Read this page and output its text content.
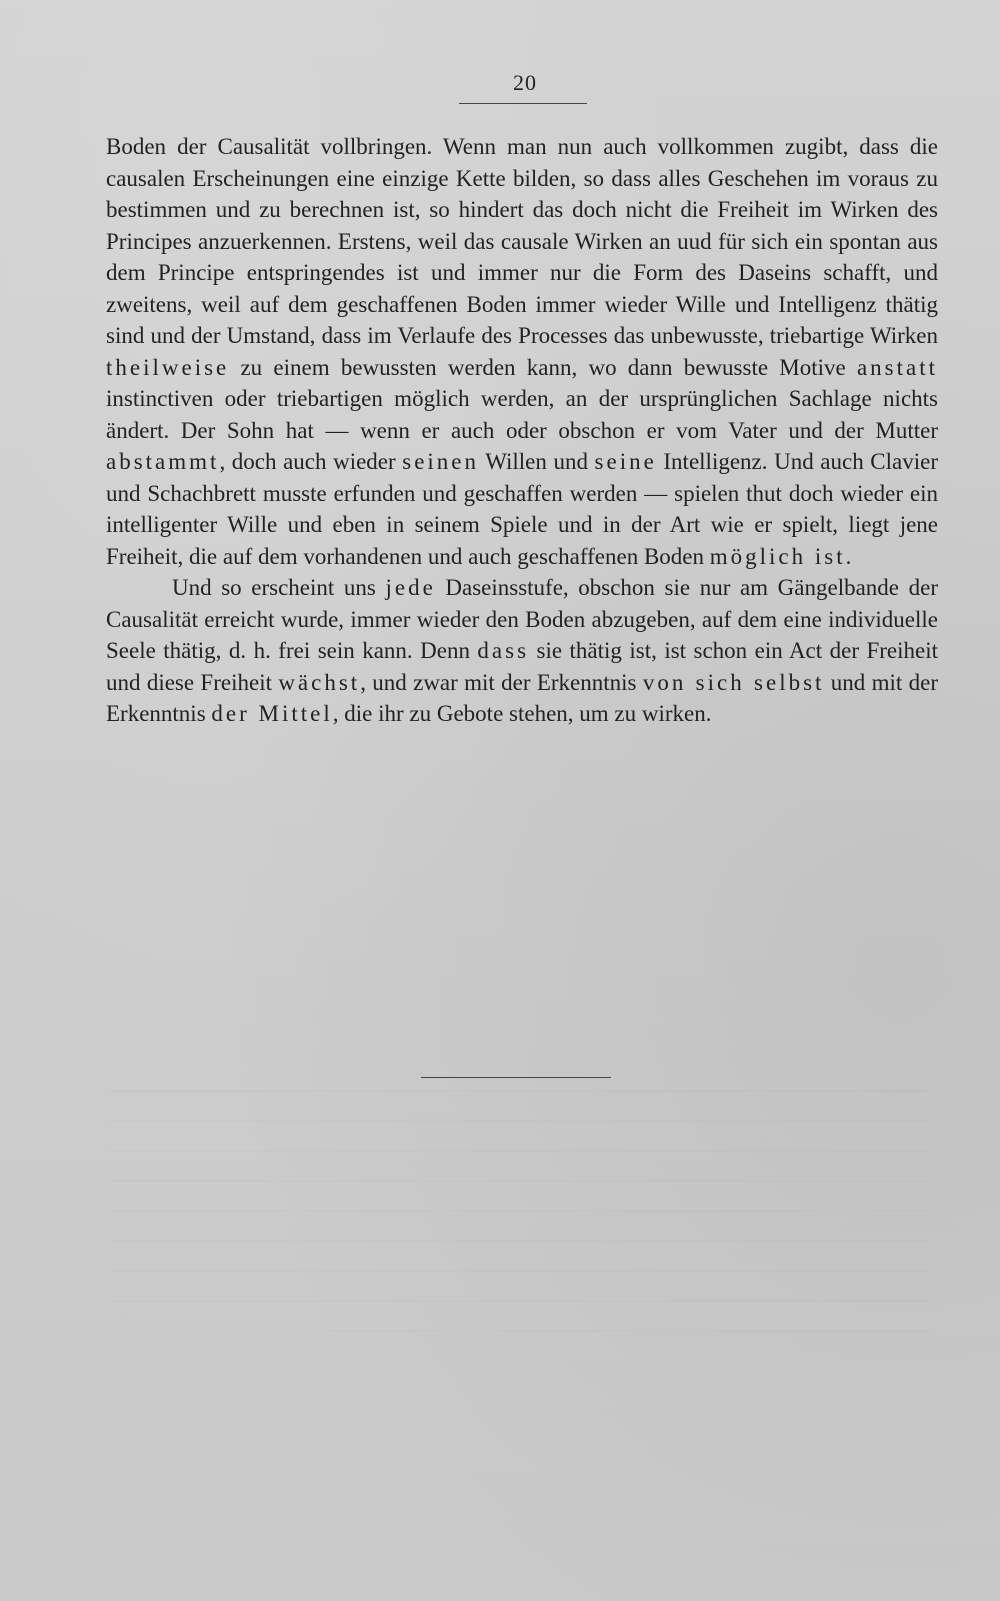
20

Boden der Causalität vollbringen. Wenn man nun auch vollkommen zugibt, dass die causalen Erscheinungen eine einzige Kette bilden, so dass alles Geschehen im voraus zu bestimmen und zu berechnen ist, so hindert das doch nicht die Freiheit im Wirken des Principes anzuerkennen. Erstens, weil das causale Wirken an uud für sich ein spontan aus dem Principe entspringendes ist und immer nur die Form des Daseins schafft, und zweitens, weil auf dem geschaffenen Boden immer wieder Wille und Intelligenz thätig sind und der Umstand, dass im Verlaufe des Processes das unbewusste, triebartige Wirken theilweise zu einem bewussten werden kann, wo dann bewusste Motive anstatt instinctiven oder triebartigen möglich werden, an der ursprünglichen Sachlage nichts ändert. Der Sohn hat — wenn er auch oder obschon er vom Vater und der Mutter abstammt, doch auch wieder seinen Willen und seine Intelligenz. Und auch Clavier und Schachbrett musste erfunden und geschaffen werden — spielen thut doch wieder ein intelligenter Wille und eben in seinem Spiele und in der Art wie er spielt, liegt jene Freiheit, die auf dem vorhandenen und auch geschaffenen Boden möglich ist.

Und so erscheint uns jede Daseinsstufe, obschon sie nur am Gängelbande der Causalität erreicht wurde, immer wieder den Boden abzugeben, auf dem eine individuelle Seele thätig, d. h. frei sein kann. Denn dass sie thätig ist, ist schon ein Act der Freiheit und diese Freiheit wächst, und zwar mit der Erkenntnis von sich selbst und mit der Erkenntnis der Mittel, die ihr zu Gebote stehen, um zu wirken.
